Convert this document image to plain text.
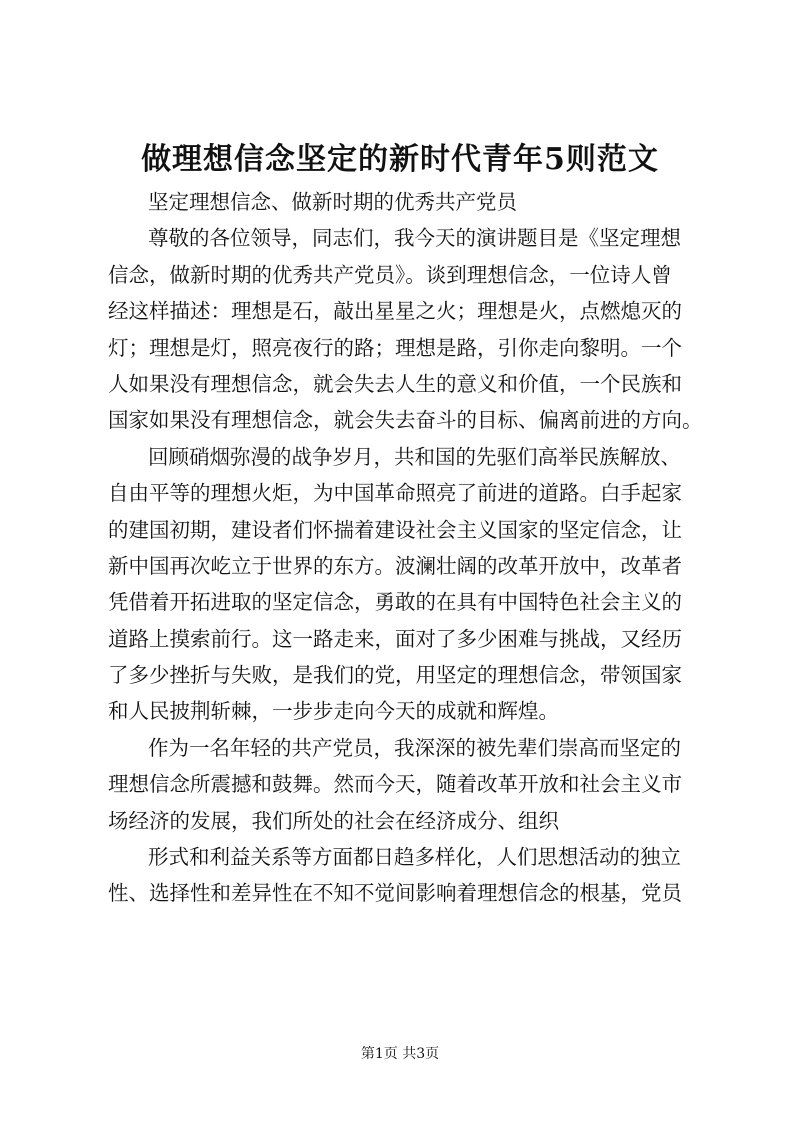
做理想信念坚定的新时代青年5则范文
坚定理想信念、做新时期的优秀共产党员
尊敬的各位领导，同志们，我今天的演讲题目是《坚定理想
信念，做新时期的优秀共产党员》。谈到理想信念，一位诗人曾
经这样描述：理想是石，敲出星星之火；理想是火，点燃熄灭的
灯；理想是灯，照亮夜行的路；理想是路，引你走向黎明。一个
人如果没有理想信念，就会失去人生的意义和价值，一个民族和
国家如果没有理想信念，就会失去奋斗的目标、偏离前进的方向。
回顾硝烟弥漫的战争岁月，共和国的先驱们高举民族解放、
自由平等的理想火炬，为中国革命照亮了前进的道路。白手起家
的建国初期，建设者们怀揣着建设社会主义国家的坚定信念，让
新中国再次屹立于世界的东方。波澜壮阔的改革开放中，改革者
凭借着开拓进取的坚定信念，勇敢的在具有中国特色社会主义的
道路上摸索前行。这一路走来，面对了多少困难与挑战，又经历
了多少挫折与失败，是我们的党，用坚定的理想信念，带领国家
和人民披荆斩棘，一步步走向今天的成就和辉煌。
作为一名年轻的共产党员，我深深的被先辈们崇高而坚定的
理想信念所震撼和鼓舞。然而今天，随着改革开放和社会主义市
场经济的发展，我们所处的社会在经济成分、组织
形式和利益关系等方面都日趋多样化，人们思想活动的独立
性、选择性和差异性在不知不觉间影响着理想信念的根基，党员
第1页 共3页
